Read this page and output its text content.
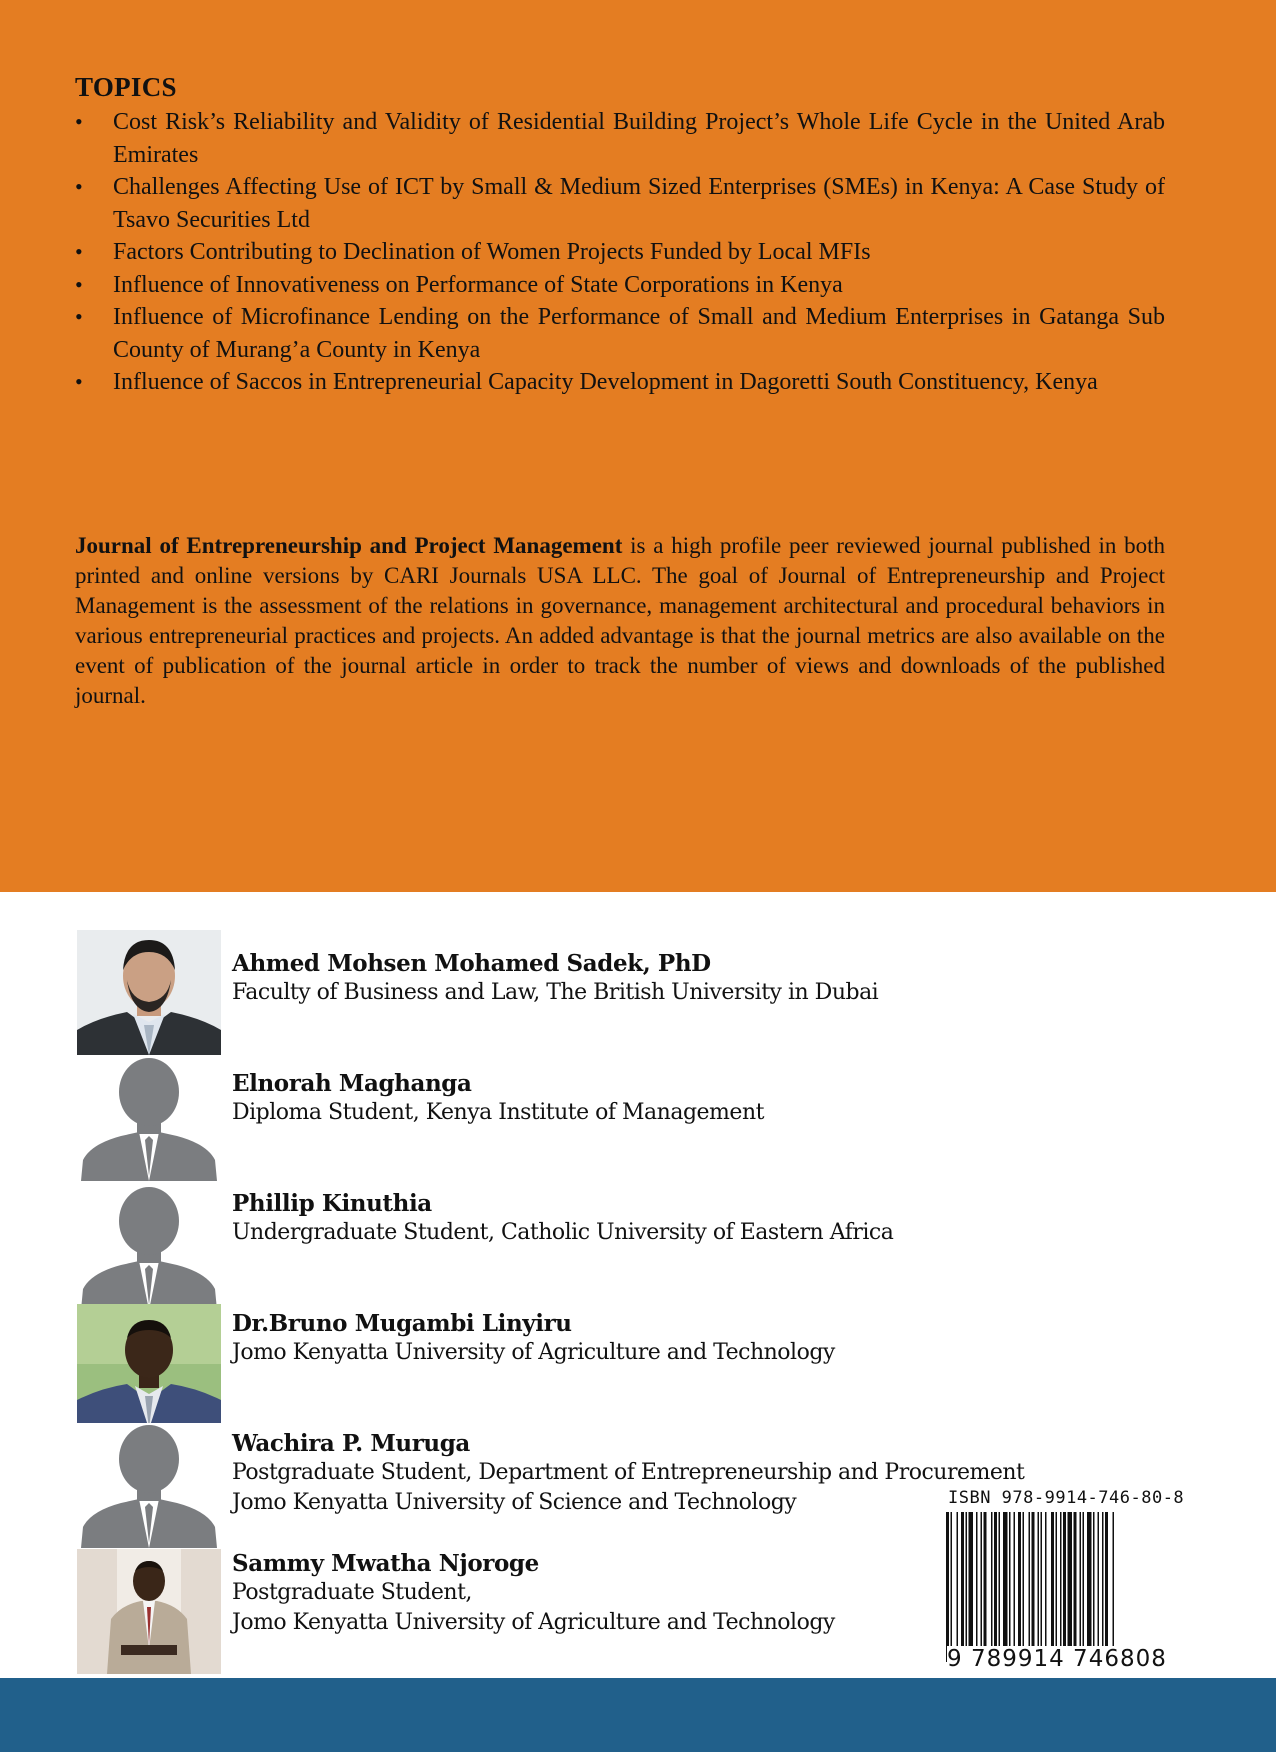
TOPICS
•	Cost Risk’s Reliability and Validity of Residential Building Project’s Whole Life Cycle in the United Arab Emirates
•	Challenges Affecting Use of ICT by Small & Medium Sized Enterprises (SMEs) in Kenya: A Case Study of Tsavo Securities Ltd
•	Factors Contributing to Declination of Women Projects Funded by Local MFIs
•	Influence of Innovativeness on Performance of State Corporations in Kenya
•	Influence of Microfinance Lending on the Performance of Small and Medium Enterprises in Gatanga Sub County of Murang’a County in Kenya
•	Influence of Saccos in Entrepreneurial Capacity Development in Dagoretti South Constituency, Kenya

Journal of Entrepreneurship and Project Management is a high profile peer reviewed journal published in both printed and online versions by CARI Journals USA LLC. The goal of Journal of Entrepreneurship and Project Management is the assessment of the relations in governance, management architectural and procedural behaviors in various entrepreneurial practices and projects. An added advantage is that the journal metrics are also available on the event of publication of the journal article in order to track the number of views and downloads of the published journal.

Ahmed Mohsen Mohamed Sadek, PhD
Faculty of Business and Law, The British University in Dubai
Elnorah Maghanga
Diploma Student, Kenya Institute of Management
Phillip Kinuthia
Undergraduate Student, Catholic University of Eastern Africa
Dr.Bruno Mugambi Linyiru
Jomo Kenyatta University of Agriculture and Technology
Wachira P. Muruga
Postgraduate Student, Department of Entrepreneurship and Procurement
Jomo Kenyatta University of Science and Technology
Sammy Mwatha Njoroge
Postgraduate Student,
Jomo Kenyatta University of Agriculture and Technology
ISBN 978-9914-746-80-8
9 789914 746808
